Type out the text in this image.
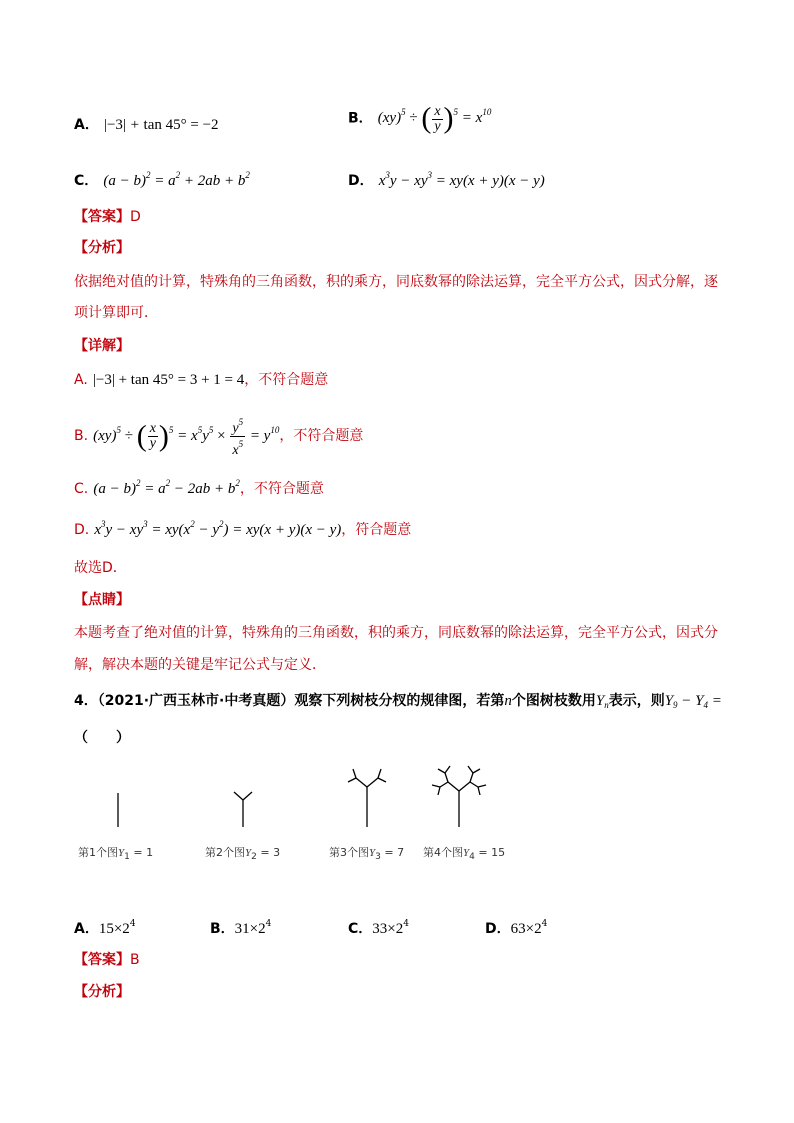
A． |−3| + tan 45° = −2	B． (xy)$^5$ ÷ ( $\frac{x}{y} )^5 = x^{10}$
C． $(a - b)^2 = a^2 + 2ab + b^2$	D． $x^3y - xy^3 = xy(x + y)(x - y)$
【答案】D
【分析】
依据绝对值的计算，特殊角的三角函数，积的乘方，同底数幂的除法运算，完全平方公式，因式分解，逐
项计算即可．
【详解】
A. |−3| + tan 45° = 3 + 1 = 4，不符合题意
B. (xy)$^5$ ÷ ( $\frac{x}{y} )^5 = x^5y^5 \times \frac{y^5}{x^5} = y^{10}$，不符合题意
C. $(a - b)^2 = a^2 - 2ab + b^2$，不符合题意
D. $x^3y - xy^3 = xy(x^2 - y^2) = xy(x + y)(x - y)$，符合题意
故选D．
【点睛】
本题考查了绝对值的计算，特殊角的三角函数，积的乘方，同底数幂的除法运算，完全平方公式，因式分
解，解决本题的关键是牢记公式与定义．
4．（2021·广西玉林市·中考真题）观察下列树枝分杈的规律图，若第n个图树枝数用$Y_n$表示，则$Y_9 - Y_4$ =
（　　）
第1个图$Y_1 = 1$	第2个图$Y_2 = 3$	第3个图$Y_3 = 7$ 第4个图$Y_4 = 15$
A．$15\times 2^4$	B．$31\times 2^4$	C．$33\times 2^4$	D．$63\times 2^4$
【答案】B
【分析】
